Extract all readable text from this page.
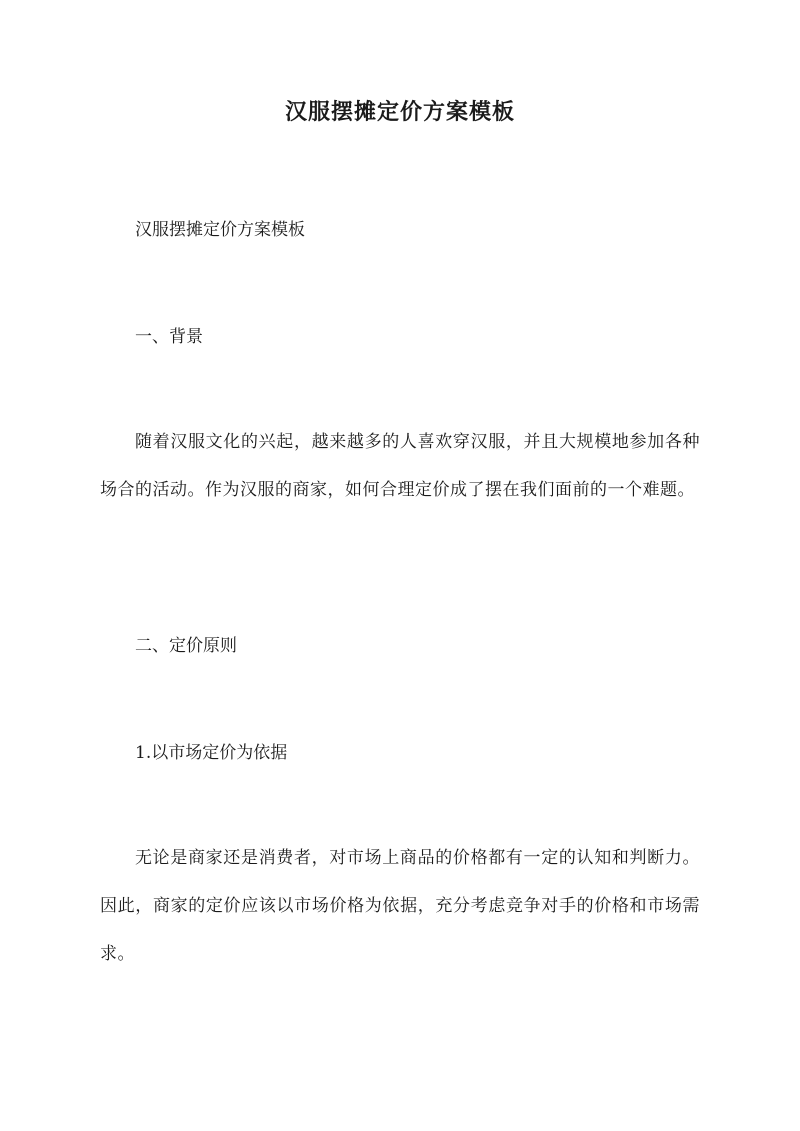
汉服摆摊定价方案模板
汉服摆摊定价方案模板
一、背景
随着汉服文化的兴起，越来越多的人喜欢穿汉服，并且大规模地参加各种场合的活动。作为汉服的商家，如何合理定价成了摆在我们面前的一个难题。
二、定价原则
1.以市场定价为依据
无论是商家还是消费者，对市场上商品的价格都有一定的认知和判断力。因此，商家的定价应该以市场价格为依据，充分考虑竞争对手的价格和市场需求。
